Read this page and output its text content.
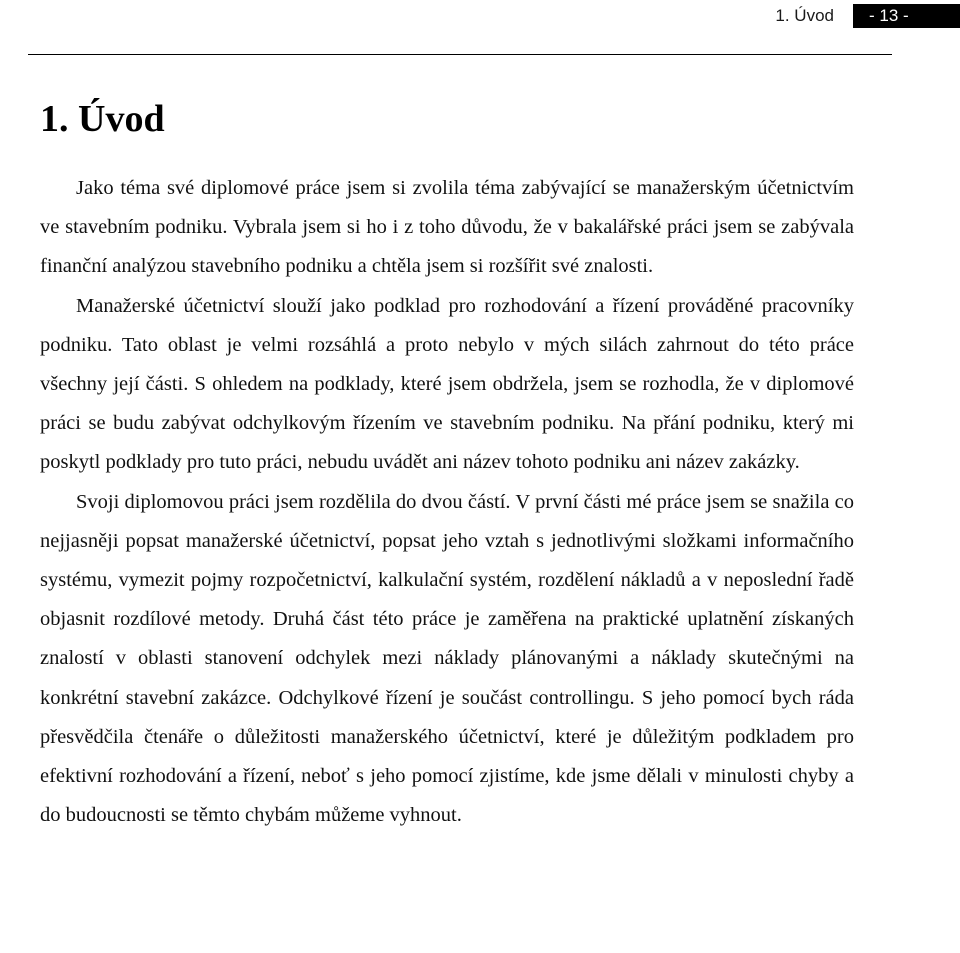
1. Úvod	- 13 -
1. Úvod

Jako téma své diplomové práce jsem si zvolila téma zabývající se manažerským účetnictvím ve stavebním podniku. Vybrala jsem si ho i z toho důvodu, že v bakalářské práci jsem se zabývala finanční analýzou stavebního podniku a chtěla jsem si rozšířit své znalosti.

Manažerské účetnictví slouží jako podklad pro rozhodování a řízení prováděné pracovníky podniku. Tato oblast je velmi rozsáhlá a proto nebylo v mých silách zahrnout do této práce všechny její části. S ohledem na podklady, které jsem obdržela, jsem se rozhodla, že v diplomové práci se budu zabývat odchylkovým řízením ve stavebním podniku. Na přání podniku, který mi poskytl podklady pro tuto práci, nebudu uvádět ani název tohoto podniku ani název zakázky.

Svoji diplomovou práci jsem rozdělila do dvou částí. V první části mé práce jsem se snažila co nejjasněji popsat manažerské účetnictví, popsat jeho vztah s jednotlivými složkami informačního systému, vymezit pojmy rozpočetnictví, kalkulační systém, rozdělení nákladů a v neposlední řadě objasnit rozdílové metody. Druhá část této práce je zaměřena na praktické uplatnění získaných znalostí v oblasti stanovení odchylek mezi náklady plánovanými a náklady skutečnými na konkrétní stavební zakázce. Odchylkové řízení je součást controllingu. S jeho pomocí bych ráda přesvědčila čtenáře o důležitosti manažerského účetnictví, které je důležitým podkladem pro efektivní rozhodování a řízení, neboť s jeho pomocí zjistíme, kde jsme dělali v minulosti chyby a do budoucnosti se těmto chybám můžeme vyhnout.
